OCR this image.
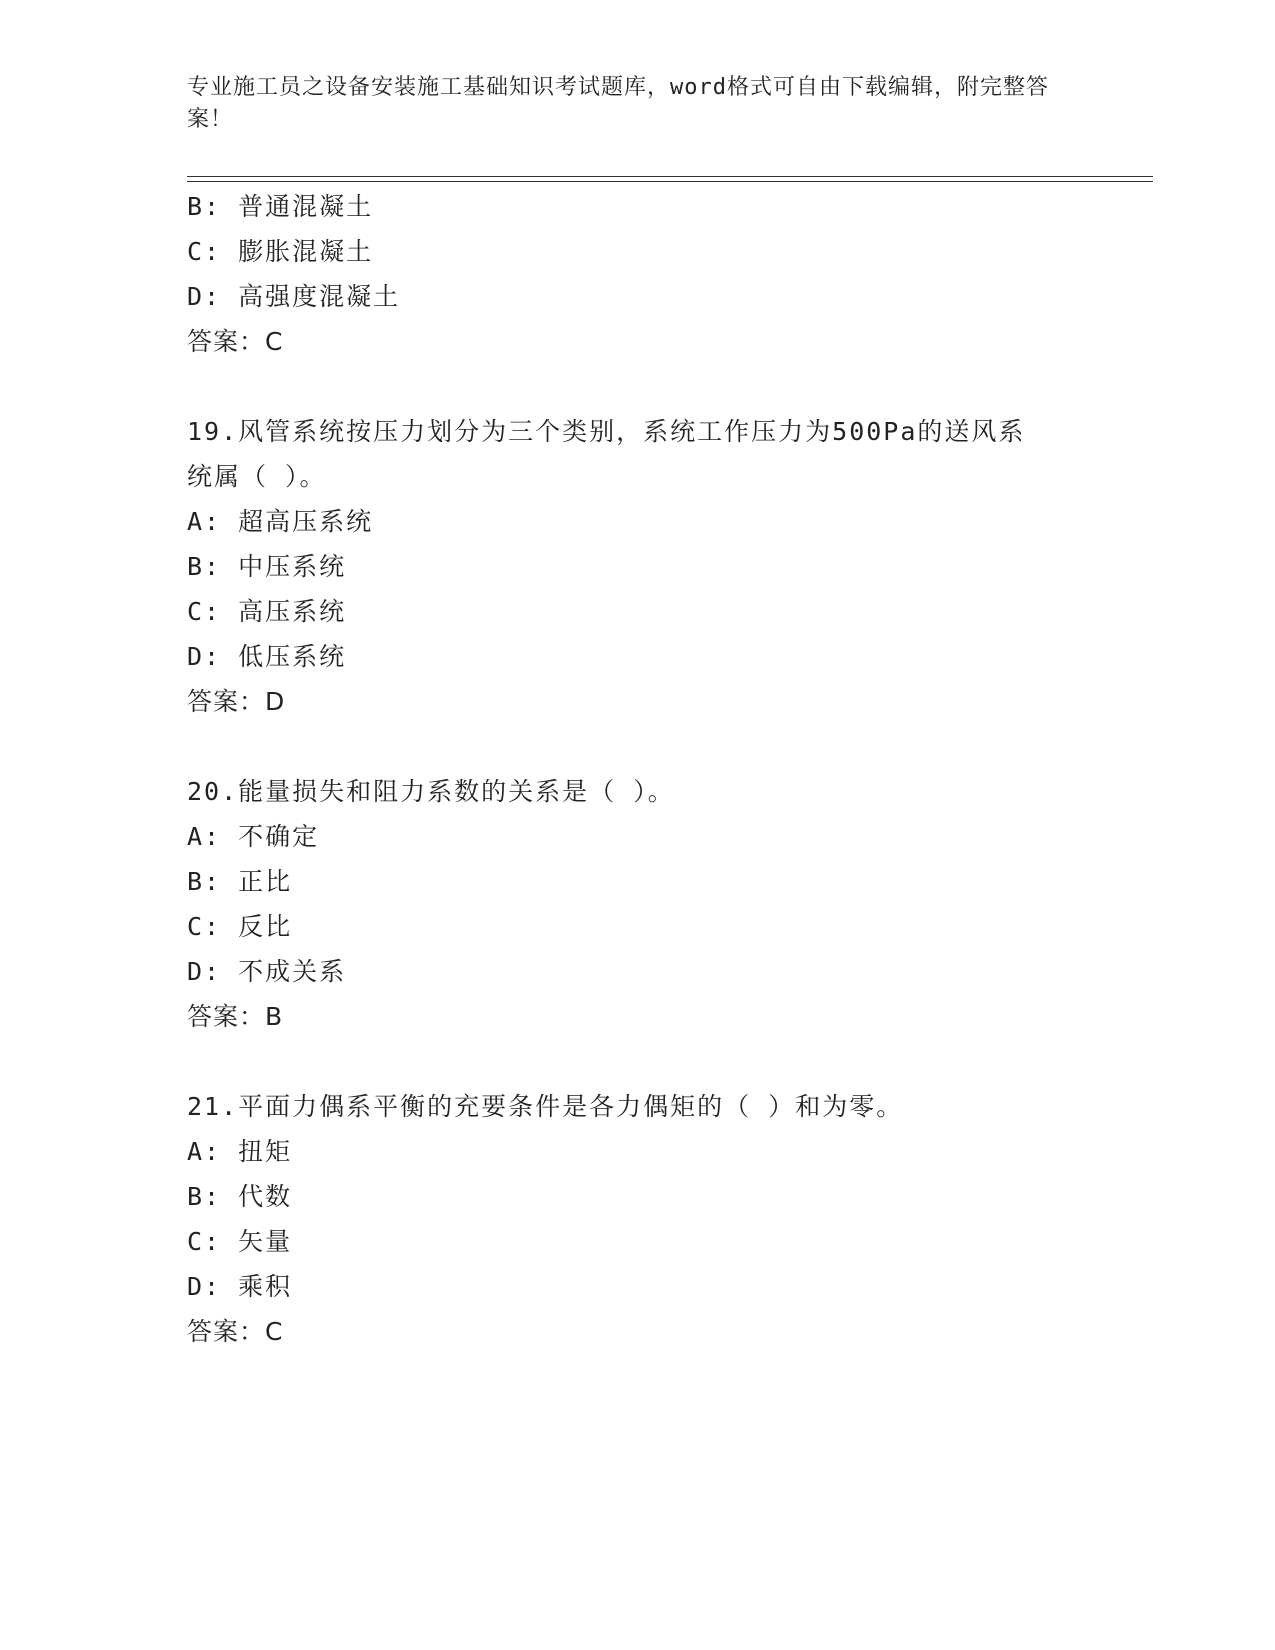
专业施工员之设备安装施工基础知识考试题库，word格式可自由下载编辑，附完整答案！
B: 普通混凝土
C: 膨胀混凝土
D: 高强度混凝土
答案：C
19.风管系统按压力划分为三个类别，系统工作压力为500Pa的送风系
统属（ ）。
A: 超高压系统
B: 中压系统
C: 高压系统
D: 低压系统
答案：D
20.能量损失和阻力系数的关系是（ ）。
A: 不确定
B: 正比
C: 反比
D: 不成关系
答案：B
21.平面力偶系平衡的充要条件是各力偶矩的（ ）和为零。
A: 扭矩
B: 代数
C: 矢量
D: 乘积
答案：C
